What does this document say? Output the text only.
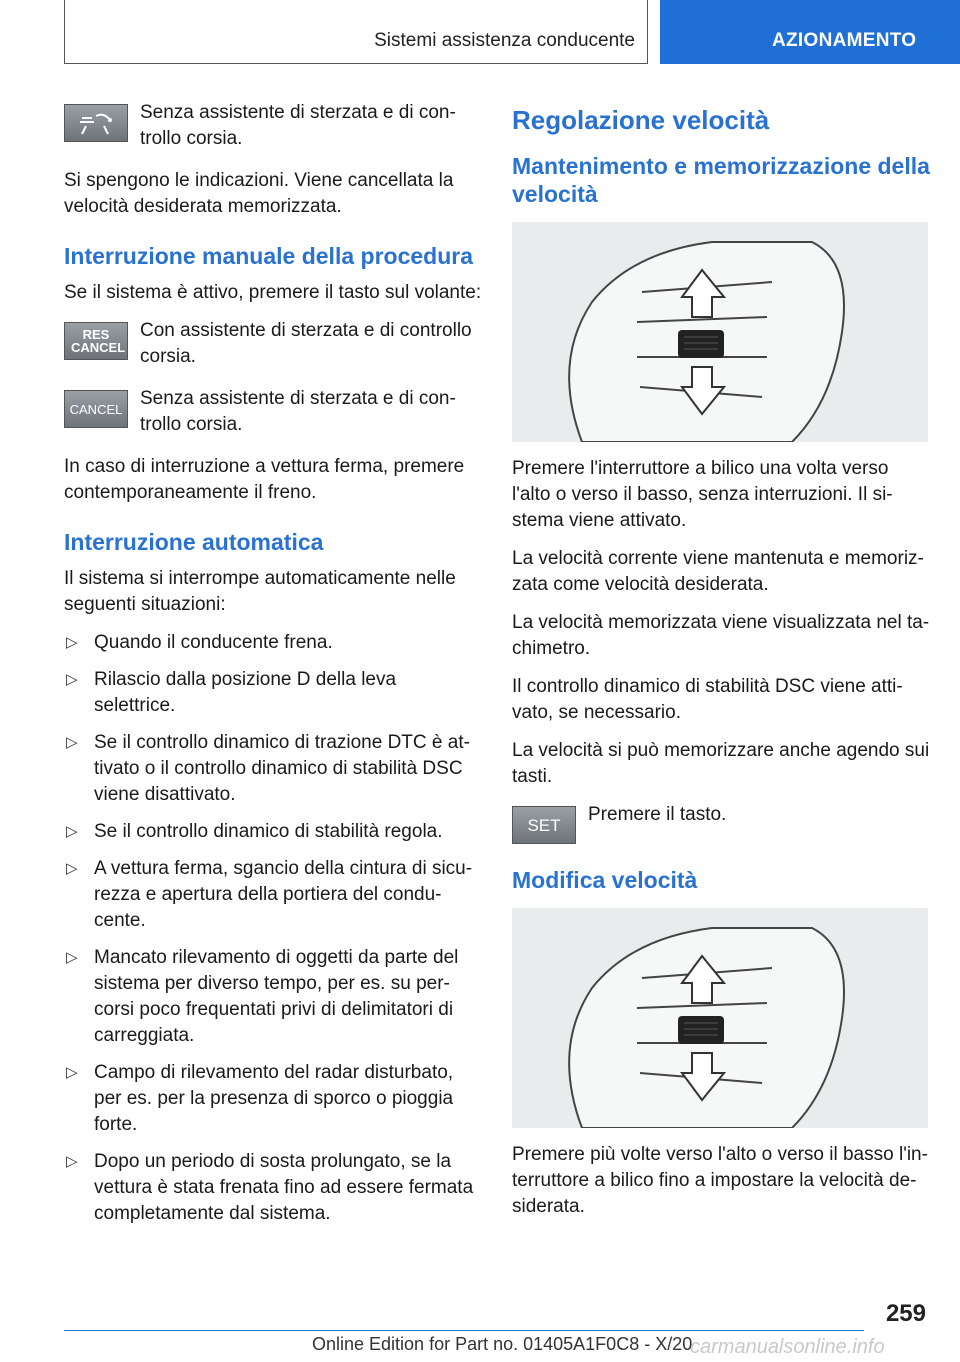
Sistemi assistenza conducente	AZIONAMENTO
Senza assistente di sterzata e di con-trollo corsia.

Si spengono le indicazioni. Viene cancellata la velocità desiderata memorizzata.

Interruzione manuale della procedura

Se il sistema è attivo, premere il tasto sul volante:

RES CANCEL
Con assistente di sterzata e di controllo corsia.
CANCEL Senza assistente di sterzata e di con-trollo corsia.

In caso di interruzione a vettura ferma, premere contemporaneamente il freno.

Interruzione automatica

Il sistema si interrompe automaticamente nelle seguenti situazioni:

▷ Quando il conducente frena.
▷ Rilascio dalla posizione D della leva selettrice.
▷ Se il controllo dinamico di trazione DTC è at-tivato o il controllo dinamico di stabilità DSC viene disattivato.
▷ Se il controllo dinamico di stabilità regola.
▷ A vettura ferma, sgancio della cintura di sicu-rezza e apertura della portiera del condu-cente.
▷ Mancato rilevamento di oggetti da parte del sistema per diverso tempo, per es. su per-corsi poco frequentati privi di delimitatori di carreggiata.
▷ Campo di rilevamento del radar disturbato, per es. per la presenza di sporco o pioggia forte.
▷ Dopo un periodo di sosta prolungato, se la vettura è stata frenata fino ad essere fermata completamente dal sistema.
Regolazione velocità
Mantenimento e memorizzazione della velocità

Premere l'interruttore a bilico una volta verso l'alto o verso il basso, senza interruzioni. Il si-stema viene attivato.

La velocità corrente viene mantenuta e memoriz-zata come velocità desiderata.

La velocità memorizzata viene visualizzata nel ta-chimetro.

Il controllo dinamico di stabilità DSC viene atti-vato, se necessario.

La velocità si può memorizzare anche agendo sui tasti.

SET Premere il tasto.
Modifica velocità

Premere più volte verso l'alto o verso il basso l'in-terruttore a bilico fino a impostare la velocità de-siderata.

259
Online Edition for Part no. 01405A1F0C8 - X/20
carmanualsonline.info
